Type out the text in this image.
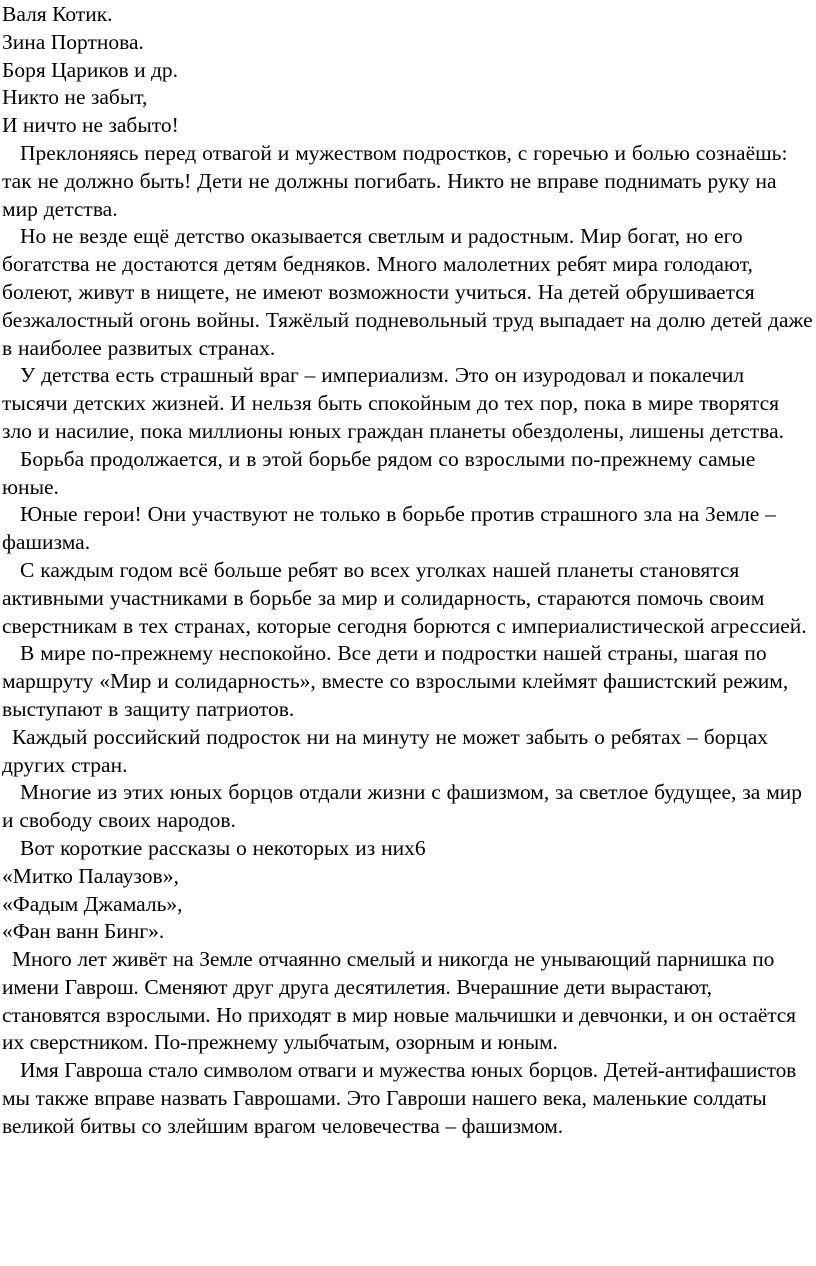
Валя Котик.

Зина Портнова.

Боря Цариков и др.

Никто не забыт,

И ничто не забыто!

Преклоняясь перед отвагой и мужеством подростков, с горечью и болью сознаёшь: так не должно быть! Дети не должны погибать. Никто не вправе поднимать руку на мир детства.

Но не везде ещё детство оказывается светлым и радостным. Мир богат, но его богатства не достаются детям бедняков. Много малолетних ребят мира голодают, болеют, живут в нищете, не имеют возможности учиться. На детей обрушивается безжалостный огонь войны. Тяжёлый подневольный труд выпадает на долю детей даже в наиболее развитых странах.

У детства есть страшный враг – империализм. Это он изуродовал и покалечил тысячи детских жизней. И нельзя быть спокойным до тех пор, пока в мире творятся зло и насилие, пока миллионы юных граждан планеты обездолены, лишены детства.

Борьба продолжается, и в этой борьбе рядом со взрослыми по-прежнему самые юные.

Юные герои! Они участвуют не только в борьбе против страшного зла на Земле – фашизма.

С каждым годом всё больше ребят во всех уголках нашей планеты становятся активными участниками в борьбе за мир и солидарность, стараются помочь своим сверстникам в тех странах, которые сегодня борются с империалистической агрессией.

В мире по-прежнему неспокойно. Все дети и подростки нашей страны, шагая по маршруту «Мир и солидарность», вместе со взрослыми клеймят фашистский режим, выступают в защиту патриотов.

Каждый российский подросток ни на минуту не может забыть о ребятах – борцах других стран.

Многие из этих юных борцов отдали жизни с фашизмом, за светлое будущее, за мир и свободу своих народов.

Вот короткие рассказы о некоторых из них6

«Митко Палаузов»,

«Фадым Джамаль»,

«Фан ванн Бинг».

Много лет живёт на Земле отчаянно смелый и никогда не унывающий парнишка по имени Гаврош. Сменяют друг друга десятилетия. Вчерашние дети вырастают, становятся взрослыми. Но приходят в мир новые мальчишки и девчонки, и он остаётся их сверстником. По-прежнему улыбчатым, озорным и юным.

Имя Гавроша стало символом отваги и мужества юных борцов. Детей-антифашистов мы также вправе назвать Гаврошами. Это Гавроши нашего века, маленькие солдаты великой битвы со злейшим врагом человечества – фашизмом.
